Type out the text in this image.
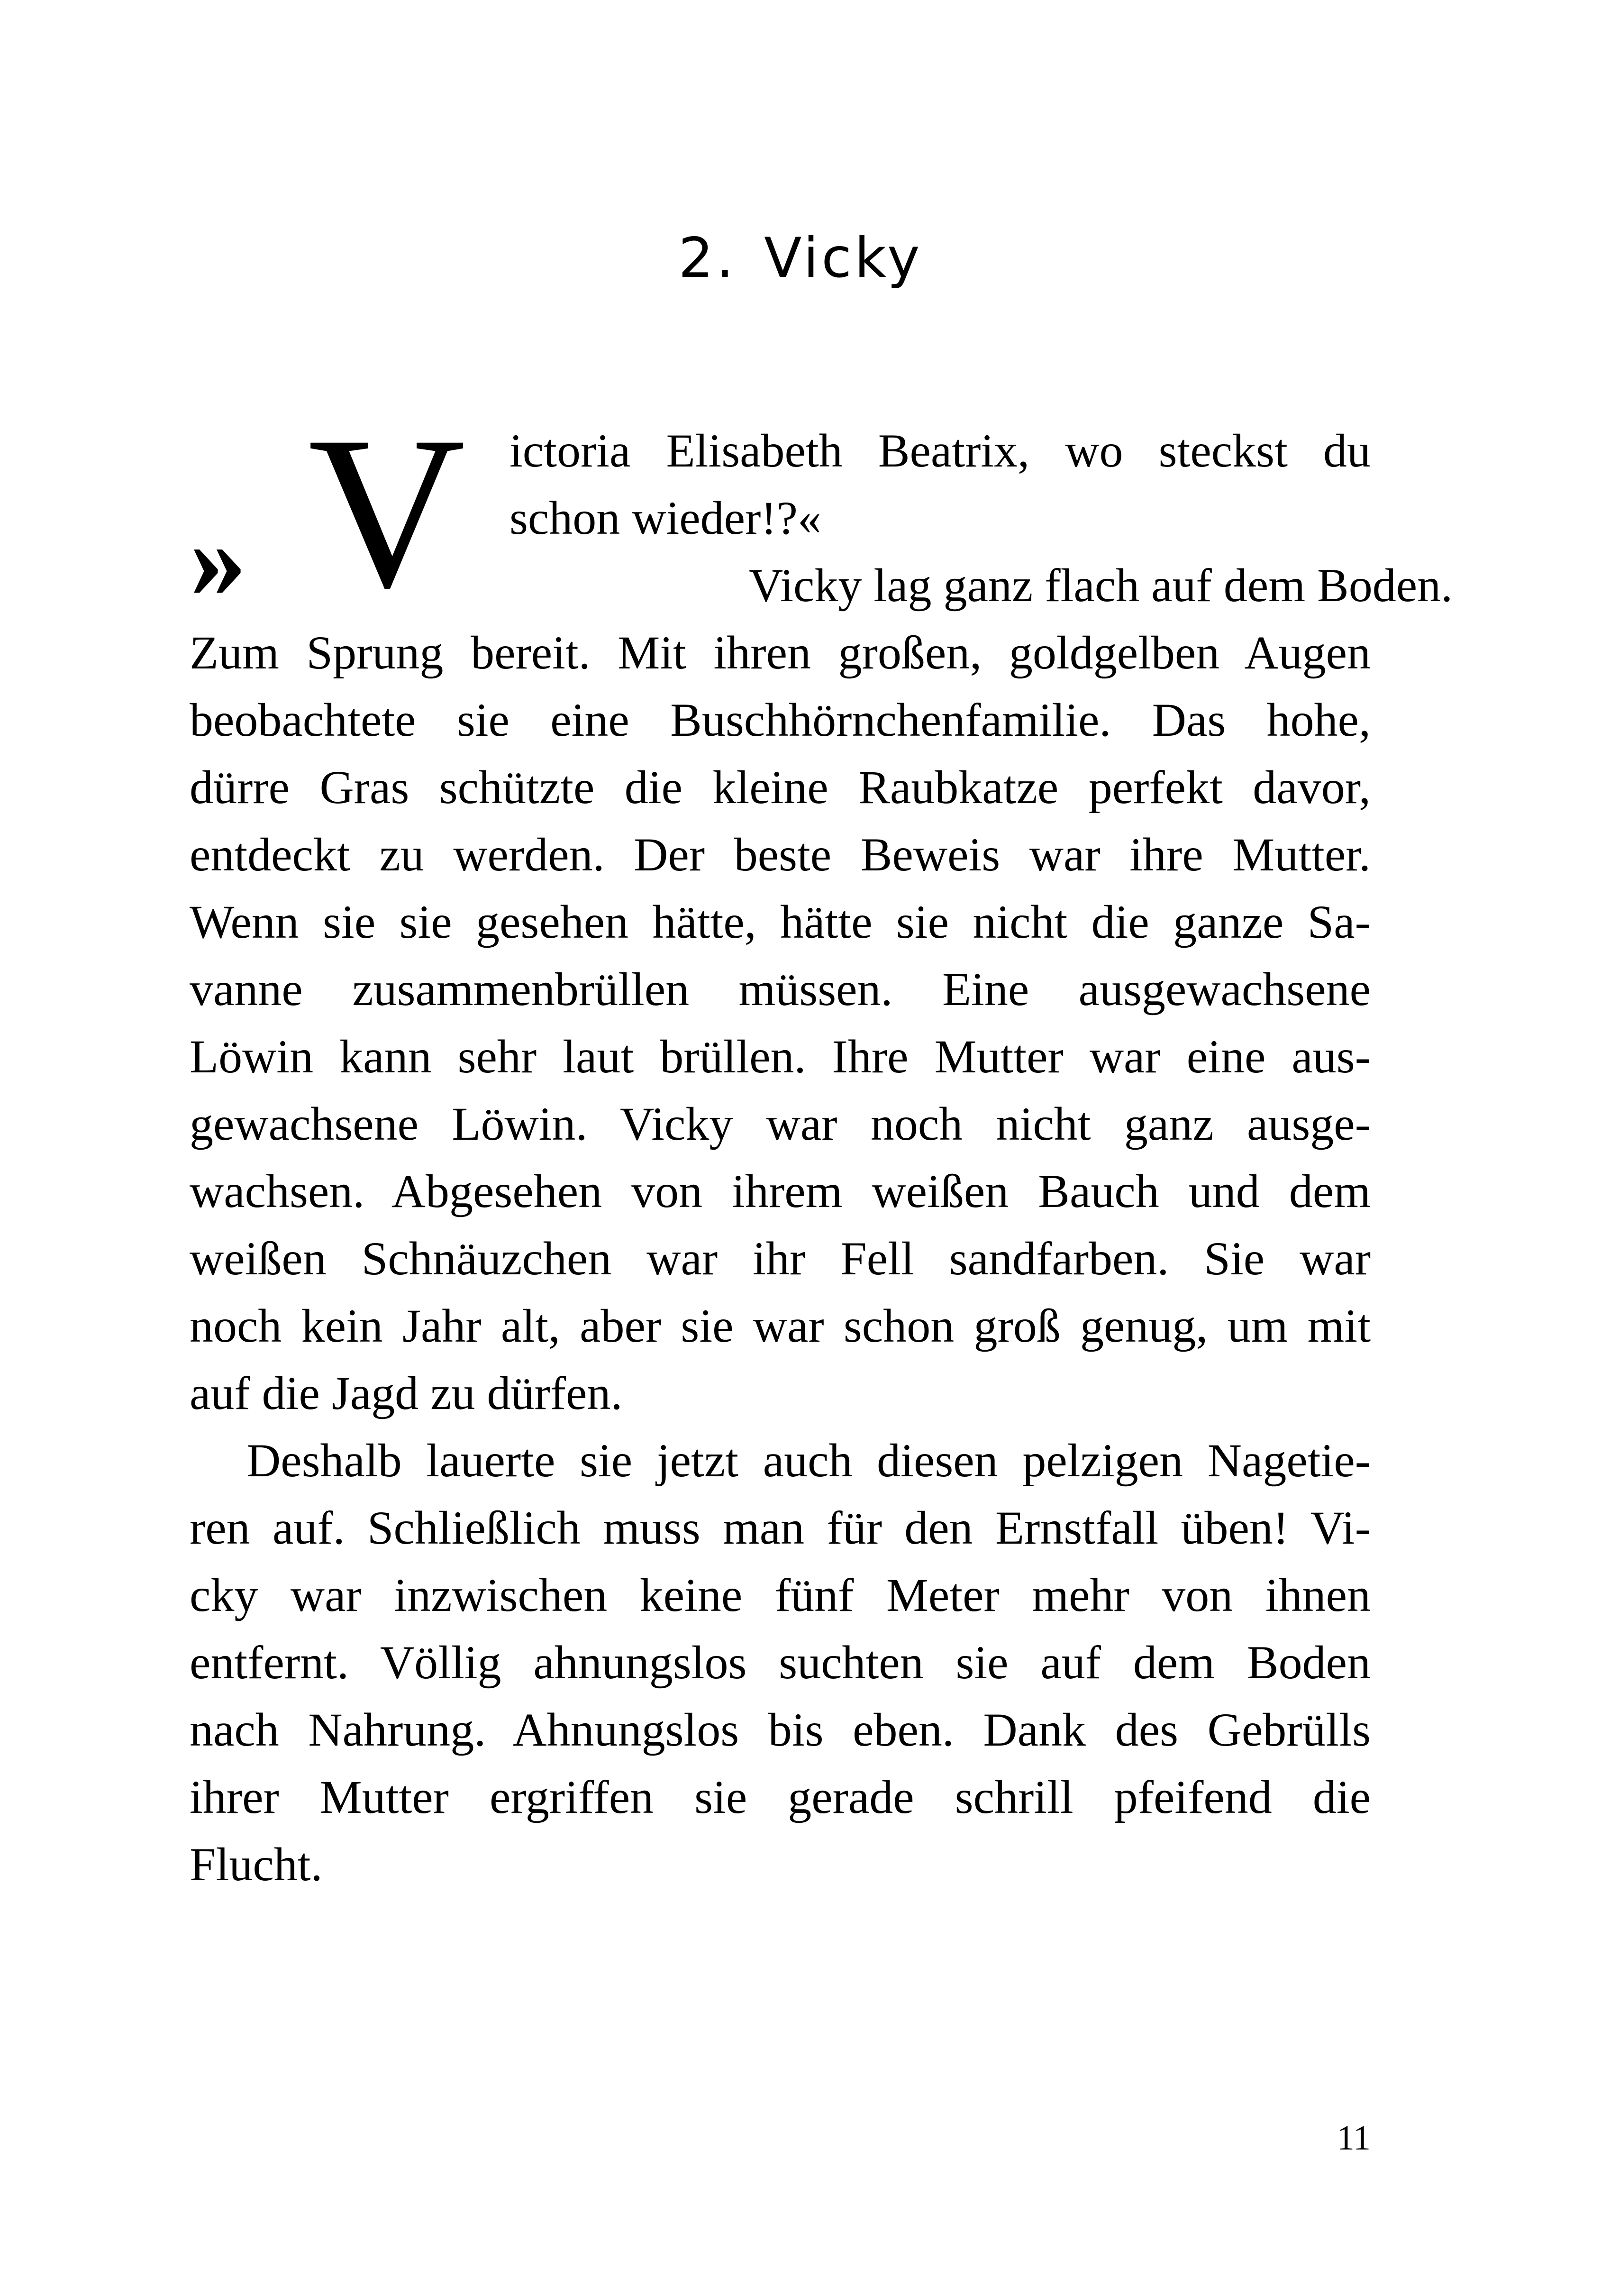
2. Vicky
» V ictoria Elisabeth Beatrix, wo steckst du
schon wieder!?«
Vicky lag ganz flach auf dem Boden.
Zum Sprung bereit. Mit ihren großen, goldgelben Augen
beobachtete sie eine Buschhörnchenfamilie. Das hohe,
dürre Gras schützte die kleine Raubkatze perfekt davor,
entdeckt zu werden. Der beste Beweis war ihre Mutter.
Wenn sie sie gesehen hätte, hätte sie nicht die ganze Sa-
vanne zusammenbrüllen müssen. Eine ausgewachsene
Löwin kann sehr laut brüllen. Ihre Mutter war eine aus-
gewachsene Löwin. Vicky war noch nicht ganz ausge-
wachsen. Abgesehen von ihrem weißen Bauch und dem
weißen Schnäuzchen war ihr Fell sandfarben. Sie war
noch kein Jahr alt, aber sie war schon groß genug, um mit
auf die Jagd zu dürfen.
Deshalb lauerte sie jetzt auch diesen pelzigen Nagetie-
ren auf. Schließlich muss man für den Ernstfall üben! Vi-
cky war inzwischen keine fünf Meter mehr von ihnen
entfernt. Völlig ahnungslos suchten sie auf dem Boden
nach Nahrung. Ahnungslos bis eben. Dank des Gebrülls
ihrer Mutter ergriffen sie gerade schrill pfeifend die
Flucht.
11
